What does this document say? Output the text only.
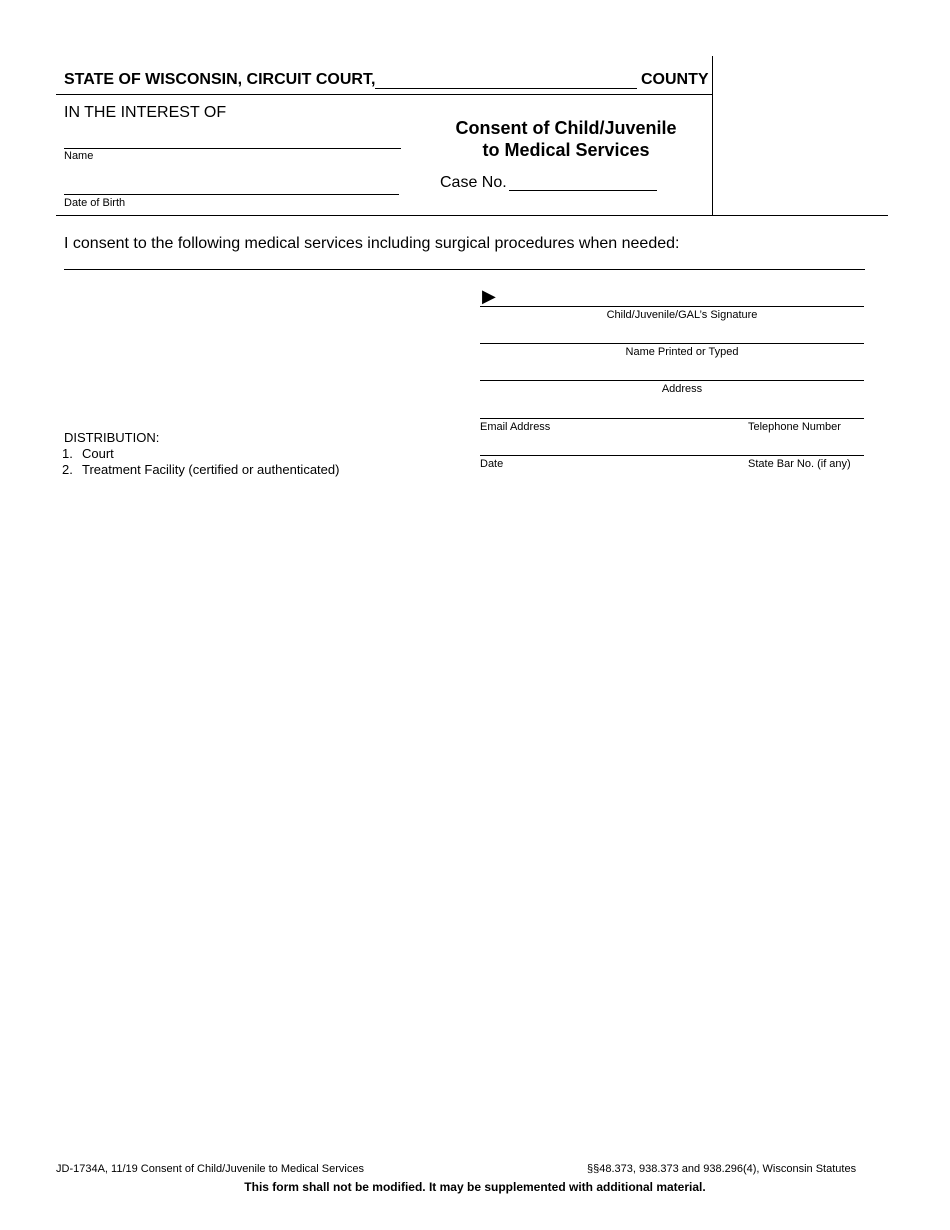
STATE OF WISCONSIN, CIRCUIT COURT,	COUNTY
IN THE INTEREST OF
Name
Date of Birth
Consent of Child/Juvenile
to Medical Services
Case No.
I consent to the following medical services including surgical procedures when needed:
▶
Child/Juvenile/GAL’s Signature
Name Printed or Typed
Address
Email Address	Telephone Number
Date	State Bar No. (if any)
DISTRIBUTION:
1. Court
2. Treatment Facility (certified or authenticated)
JD-1734A, 11/19 Consent of Child/Juvenile to Medical Services	§§48.373, 938.373 and 938.296(4), Wisconsin Statutes
This form shall not be modified. It may be supplemented with additional material.
